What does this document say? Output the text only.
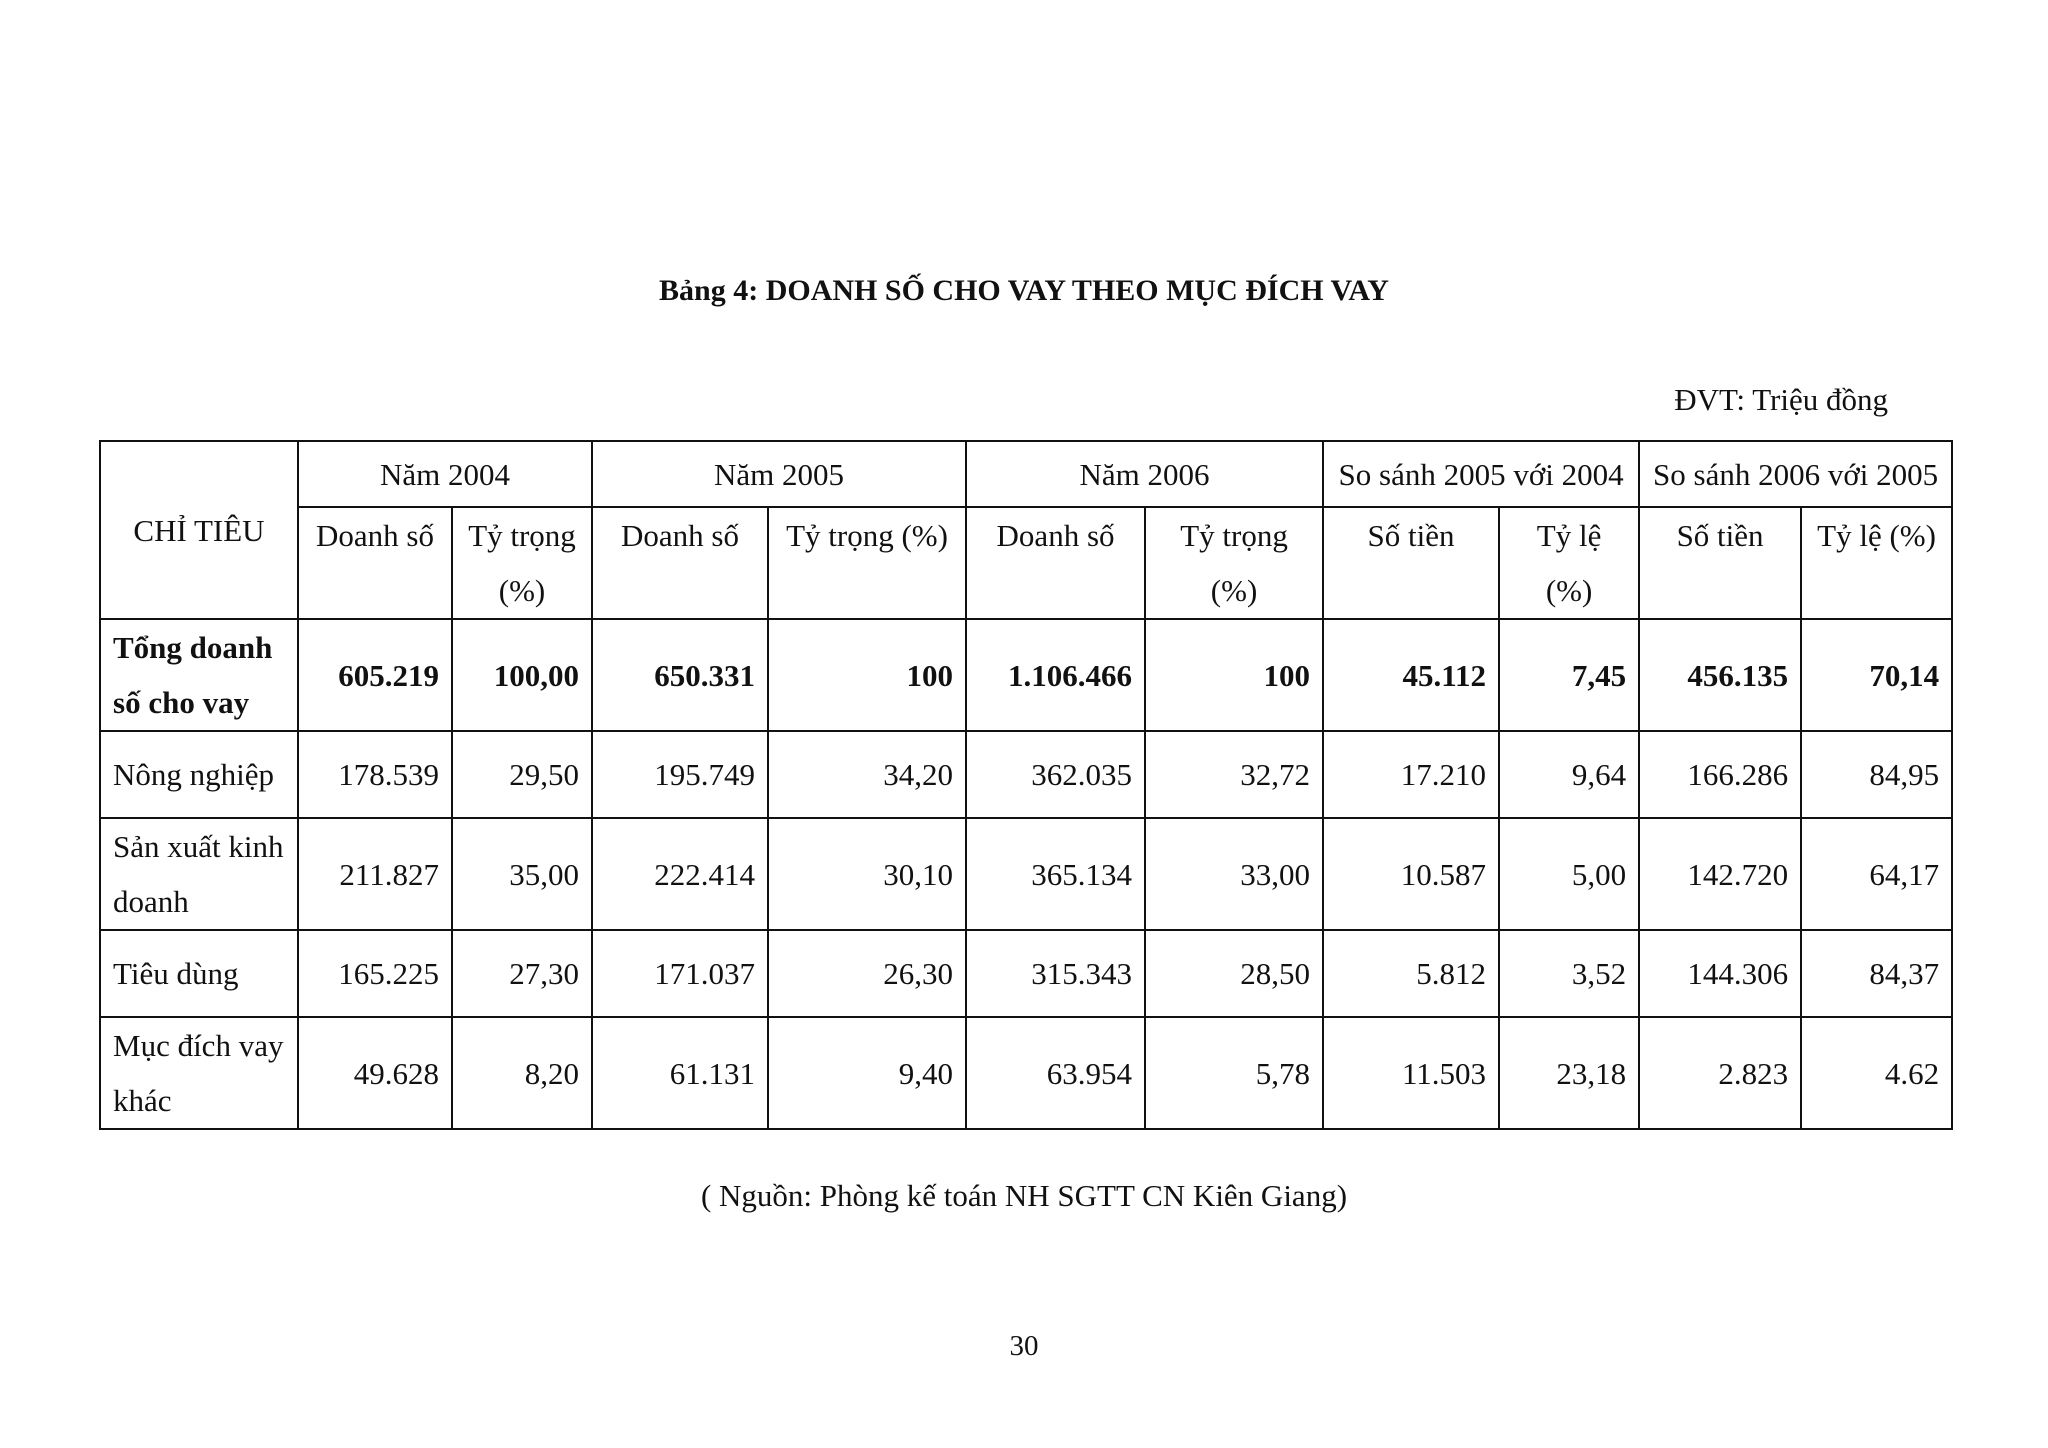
Bảng 4: DOANH SỐ CHO VAY THEO MỤC ĐÍCH VAY
ĐVT: Triệu đồng
CHỈ TIÊU	Năm 2004		Năm 2005		Năm 2006		So sánh 2005 với 2004		So sánh 2006 với 2005	
	Doanh số	Tỷ trọng (%)	Doanh số	Tỷ trọng (%)	Doanh số	Tỷ trọng (%)	Số tiền	Tỷ lệ (%)	Số tiền	Tỷ lệ (%)
Tổng doanh số cho vay	605.219	100,00	650.331	100	1.106.466	100	45.112	7,45	456.135	70,14
Nông nghiệp	178.539	29,50	195.749	34,20	362.035	32,72	17.210	9,64	166.286	84,95
Sản xuất kinh doanh	211.827	35,00	222.414	30,10	365.134	33,00	10.587	5,00	142.720	64,17
Tiêu dùng	165.225	27,30	171.037	26,30	315.343	28,50	5.812	3,52	144.306	84,37
Mục đích vay khác	49.628	8,20	61.131	9,40	63.954	5,78	11.503	23,18	2.823	4.62
( Nguồn: Phòng kế toán NH SGTT CN Kiên Giang)
30
